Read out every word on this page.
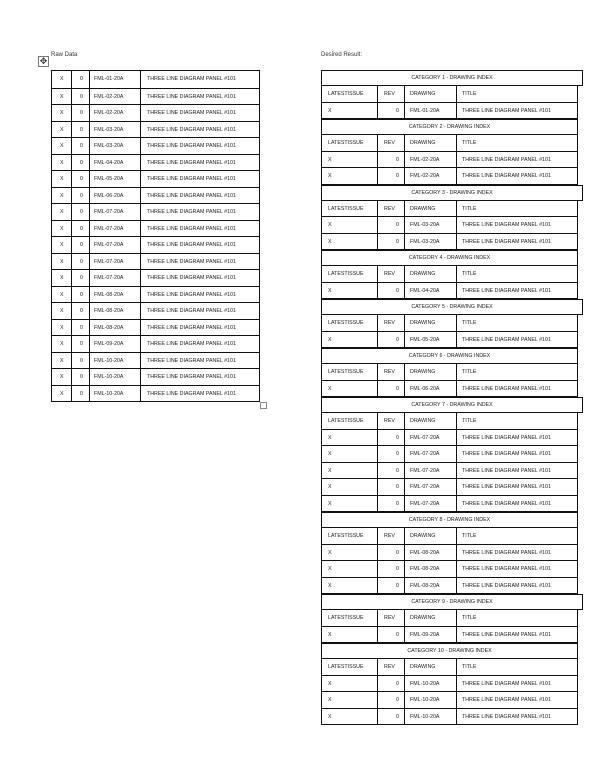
Raw Data	Desired Result:
✥
X	0 FML-01-20A	THREE LINE DIAGRAM PANEL #101
X	0 FML-02-20A	THREE LINE DIAGRAM PANEL #101
X	0 FML-02-20A	THREE LINE DIAGRAM PANEL #101
X	0 FML-03-20A	THREE LINE DIAGRAM PANEL #101
X	0 FML-03-20A	THREE LINE DIAGRAM PANEL #101
X	0 FML-04-20A	THREE LINE DIAGRAM PANEL #101
X	0 FML-05-20A	THREE LINE DIAGRAM PANEL #101
X	0 FML-06-20A	THREE LINE DIAGRAM PANEL #101
X	0 FML-07-20A	THREE LINE DIAGRAM PANEL #101
X	0 FML-07-20A	THREE LINE DIAGRAM PANEL #101
X	0 FML-07-20A	THREE LINE DIAGRAM PANEL #101
X	0 FML-07-20A	THREE LINE DIAGRAM PANEL #101
X	0 FML-07-20A	THREE LINE DIAGRAM PANEL #101
X	0 FML-08-20A	THREE LINE DIAGRAM PANEL #101
X	0 FML-08-20A	THREE LINE DIAGRAM PANEL #101
X	0 FML-08-20A	THREE LINE DIAGRAM PANEL #101
X	0 FML-09-20A	THREE LINE DIAGRAM PANEL #101
X	0 FML-10-20A	THREE LINE DIAGRAM PANEL #101
X	0 FML-10-20A	THREE LINE DIAGRAM PANEL #101
X	0 FML-10-20A	THREE LINE DIAGRAM PANEL #101
CATEGORY 1 - DRAWING INDEX
LATESTISSUE	REV	DRAWING	TITLE
X	0 FML-01-20A	THREE LINE DIAGRAM PANEL #101
CATEGORY 2 - DRAWING INDEX
LATESTISSUE	REV	DRAWING	TITLE
X	0 FML-02-20A	THREE LINE DIAGRAM PANEL #101
X	0 FML-02-20A	THREE LINE DIAGRAM PANEL #101
CATEGORY 3 - DRAWING INDEX
LATESTISSUE	REV	DRAWING	TITLE
X	0 FML-03-20A	THREE LINE DIAGRAM PANEL #101
X	0 FML-03-20A	THREE LINE DIAGRAM PANEL #101
CATEGORY 4 - DRAWING INDEX
LATESTISSUE	REV	DRAWING	TITLE
X	0 FML-04-20A	THREE LINE DIAGRAM PANEL #101
CATEGORY 5 - DRAWING INDEX
LATESTISSUE	REV	DRAWING	TITLE
X	0 FML-05-20A	THREE LINE DIAGRAM PANEL #101
CATEGORY 6 - DRAWING INDEX
LATESTISSUE	REV	DRAWING	TITLE
X	0 FML-06-20A	THREE LINE DIAGRAM PANEL #101
CATEGORY 7 - DRAWING INDEX
LATESTISSUE	REV	DRAWING	TITLE
X	0 FML-07-20A	THREE LINE DIAGRAM PANEL #101
X	0 FML-07-20A	THREE LINE DIAGRAM PANEL #101
X	0 FML-07-20A	THREE LINE DIAGRAM PANEL #101
X	0 FML-07-20A	THREE LINE DIAGRAM PANEL #101
X	0 FML-07-20A	THREE LINE DIAGRAM PANEL #101
CATEGORY 8 - DRAWING INDEX
LATESTISSUE	REV	DRAWING	TITLE
X	0 FML-08-20A	THREE LINE DIAGRAM PANEL #101
X	0 FML-08-20A	THREE LINE DIAGRAM PANEL #101
X	0 FML-08-20A	THREE LINE DIAGRAM PANEL #101
CATEGORY 9 - DRAWING INDEX
LATESTISSUE	REV	DRAWING	TITLE
X	0 FML-09-20A	THREE LINE DIAGRAM PANEL #101
CATEGORY 10 - DRAWING INDEX
LATESTISSUE	REV	DRAWING	TITLE
X	0 FML-10-20A	THREE LINE DIAGRAM PANEL #101
X	0 FML-10-20A	THREE LINE DIAGRAM PANEL #101
X	0 FML-10-20A	THREE LINE DIAGRAM PANEL #101
